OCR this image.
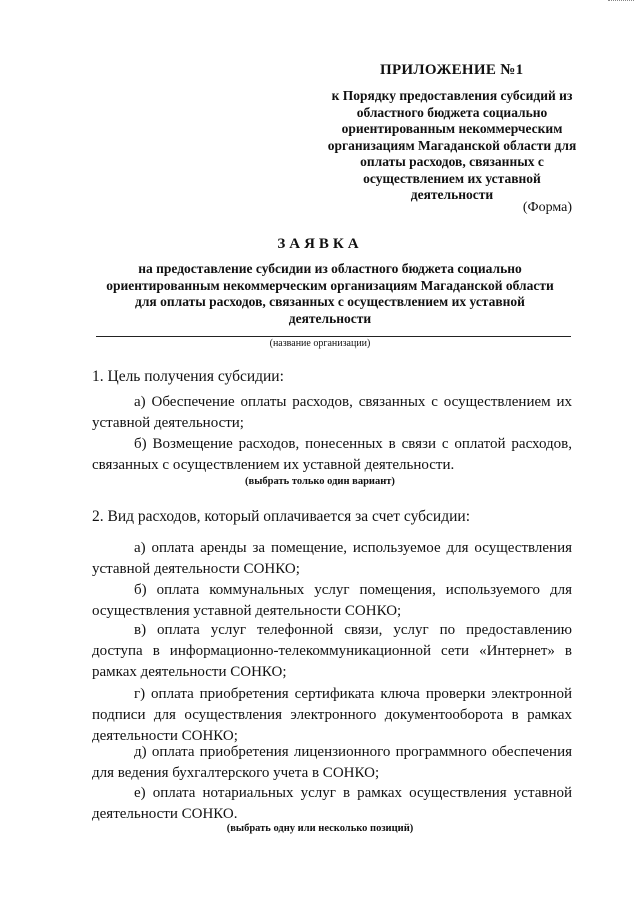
ПРИЛОЖЕНИЕ №1
к Порядку предоставления субсидий из областного бюджета социально ориентированным некоммерческим организациям Магаданской области для оплаты расходов, связанных с осуществлением их уставной деятельности
(Форма)
ЗАЯВКА
на предоставление субсидии из областного бюджета социально ориентированным некоммерческим организациям Магаданской области для оплаты расходов, связанных с осуществлением их уставной деятельности
(название организации)
1. Цель получения субсидии:
а) Обеспечение оплаты расходов, связанных с осуществлением их уставной деятельности;
б) Возмещение расходов, понесенных в связи с оплатой расходов, связанных с осуществлением их уставной деятельности.
(выбрать только один вариант)
2. Вид расходов, который оплачивается за счет субсидии:
а) оплата аренды за помещение, используемое для осуществления уставной деятельности СОНКО;
б) оплата коммунальных услуг помещения, используемого для осуществления уставной деятельности СОНКО;
в) оплата услуг телефонной связи, услуг по предоставлению доступа в информационно-телекоммуникационной сети «Интернет» в рамках деятельности СОНКО;
г) оплата приобретения сертификата ключа проверки электронной подписи для осуществления электронного документооборота в рамках деятельности СОНКО;
д) оплата приобретения лицензионного программного обеспечения для ведения бухгалтерского учета в СОНКО;
е) оплата нотариальных услуг в рамках осуществления уставной деятельности СОНКО.
(выбрать одну или несколько позиций)
